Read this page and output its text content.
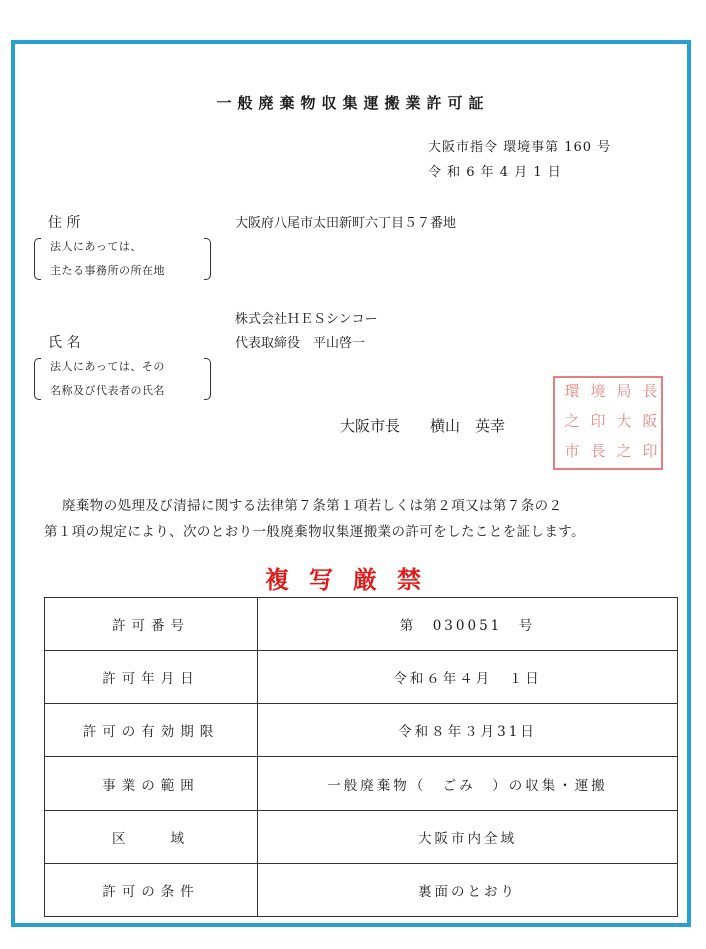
一般廃棄物収集運搬業許可証
大阪市指令 環境事第 160 号
令 和 6 年 4 月 1 日
住 所
法人にあっては、
主たる事務所の所在地
大阪府八尾市太田新町六丁目５７番地
株式会社ＨＥＳシンコー
氏 名	代表取締役　平山啓一
法人にあっては、その
名称及び代表者の氏名
大阪市長　　横山　英幸
環 境 局 長
之 印 大 阪
市 長 之 印
廃棄物の処理及び清掃に関する法律第７条第１項若しくは第２項又は第７条の２
第１項の規定により、次のとおり一般廃棄物収集運搬業の許可をしたことを証します。
複写厳禁
許可番号	第　030051　号
許可年月日	令和６年４月　１日
許可の有効期限	令和８年３月31日
事業の範囲	一般廃棄物（　ごみ　）の収集・運搬
区　　域	大阪市内全域
許可の条件	裏面のとおり
